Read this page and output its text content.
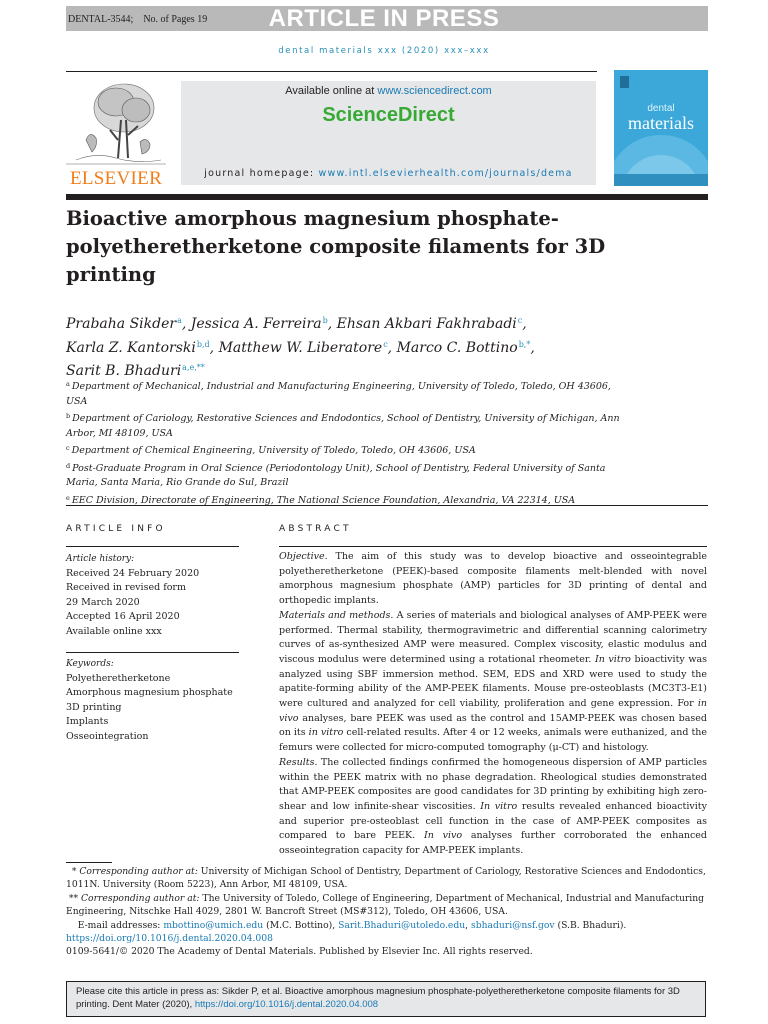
DENTAL-3544; No. of Pages 19	ARTICLE IN PRESS
dental materials xxx (2020) xxx–xxx
ELSEVIER
Available online at www.sciencedirect.com
ScienceDirect
journal homepage: www.intl.elsevierhealth.com/journals/dema
dental
materials
Bioactive amorphous magnesium phosphate-polyetheretherketone composite filaments for 3D printing
Prabaha Sikder$^a$, Jessica A. Ferreira$^b$, Ehsan Akbari Fakhrabadi$^c$,
Karla Z. Kantorski$^{b,d}$, Matthew W. Liberatore$^c$, Marco C. Bottino$^{b,*}$,
Sarit B. Bhaduri$^{a,e,**}$
$^a$ Department of Mechanical, Industrial and Manufacturing Engineering, University of Toledo, Toledo, OH 43606, USA
$^b$ Department of Cariology, Restorative Sciences and Endodontics, School of Dentistry, University of Michigan, Ann Arbor, MI 48109, USA
$^c$ Department of Chemical Engineering, University of Toledo, Toledo, OH 43606, USA
$^d$ Post-Graduate Program in Oral Science (Periodontology Unit), School of Dentistry, Federal University of Santa Maria, Santa Maria, Rio Grande do Sul, Brazil
$^e$ EEC Division, Directorate of Engineering, The National Science Foundation, Alexandria, VA 22314, USA
ARTICLE INFO	ABSTRACT
Article history:
Received 24 February 2020
Received in revised form
29 March 2020
Accepted 16 April 2020
Available online xxx
Keywords:
Polyetheretherketone
Amorphous magnesium phosphate
3D printing
Implants
Osseointegration

Objective. The aim of this study was to develop bioactive and osseointegrable polyetheretherketone (PEEK)-based composite filaments melt-blended with novel amorphous magnesium phosphate (AMP) particles for 3D printing of dental and orthopedic implants.

Materials and methods. A series of materials and biological analyses of AMP-PEEK were performed. Thermal stability, thermogravimetric and differential scanning calorimetry curves of as-synthesized AMP were measured. Complex viscosity, elastic modulus and viscous modulus were determined using a rotational rheometer. In vitro bioactivity was analyzed using SBF immersion method. SEM, EDS and XRD were used to study the apatite-forming ability of the AMP-PEEK filaments. Mouse pre-osteoblasts (MC3T3-E1) were cultured and analyzed for cell viability, proliferation and gene expression. For in vivo analyses, bare PEEK was used as the control and 15AMP-PEEK was chosen based on its in vitro cell-related results. After 4 or 12 weeks, animals were euthanized, and the femurs were collected for micro-computed tomography (μ-CT) and histology.

Results. The collected findings confirmed the homogeneous dispersion of AMP particles within the PEEK matrix with no phase degradation. Rheological studies demonstrated that AMP-PEEK composites are good candidates for 3D printing by exhibiting high zero-shear and low infinite-shear viscosities. In vitro results revealed enhanced bioactivity and superior pre-osteoblast cell function in the case of AMP-PEEK composites as compared to bare PEEK. In vivo analyses further corroborated the enhanced osseointegration capacity for AMP-PEEK implants.

* Corresponding author at: University of Michigan School of Dentistry, Department of Cariology, Restorative Sciences and Endodontics, 1011N. University (Room 5223), Ann Arbor, MI 48109, USA.

** Corresponding author at: The University of Toledo, College of Engineering, Department of Mechanical, Industrial and Manufacturing Engineering, Nitschke Hall 4029, 2801 W. Bancroft Street (MS#312), Toledo, OH 43606, USA.

E-mail addresses: mbottino@umich.edu (M.C. Bottino), Sarit.Bhaduri@utoledo.edu, sbhaduri@nsf.gov (S.B. Bhaduri).

https://doi.org/10.1016/j.dental.2020.04.008

0109-5641/© 2020 The Academy of Dental Materials. Published by Elsevier Inc. All rights reserved.

Please cite this article in press as: Sikder P, et al. Bioactive amorphous magnesium phosphate-polyetheretherketone composite filaments for 3D printing. Dent Mater (2020), https://doi.org/10.1016/j.dental.2020.04.008
